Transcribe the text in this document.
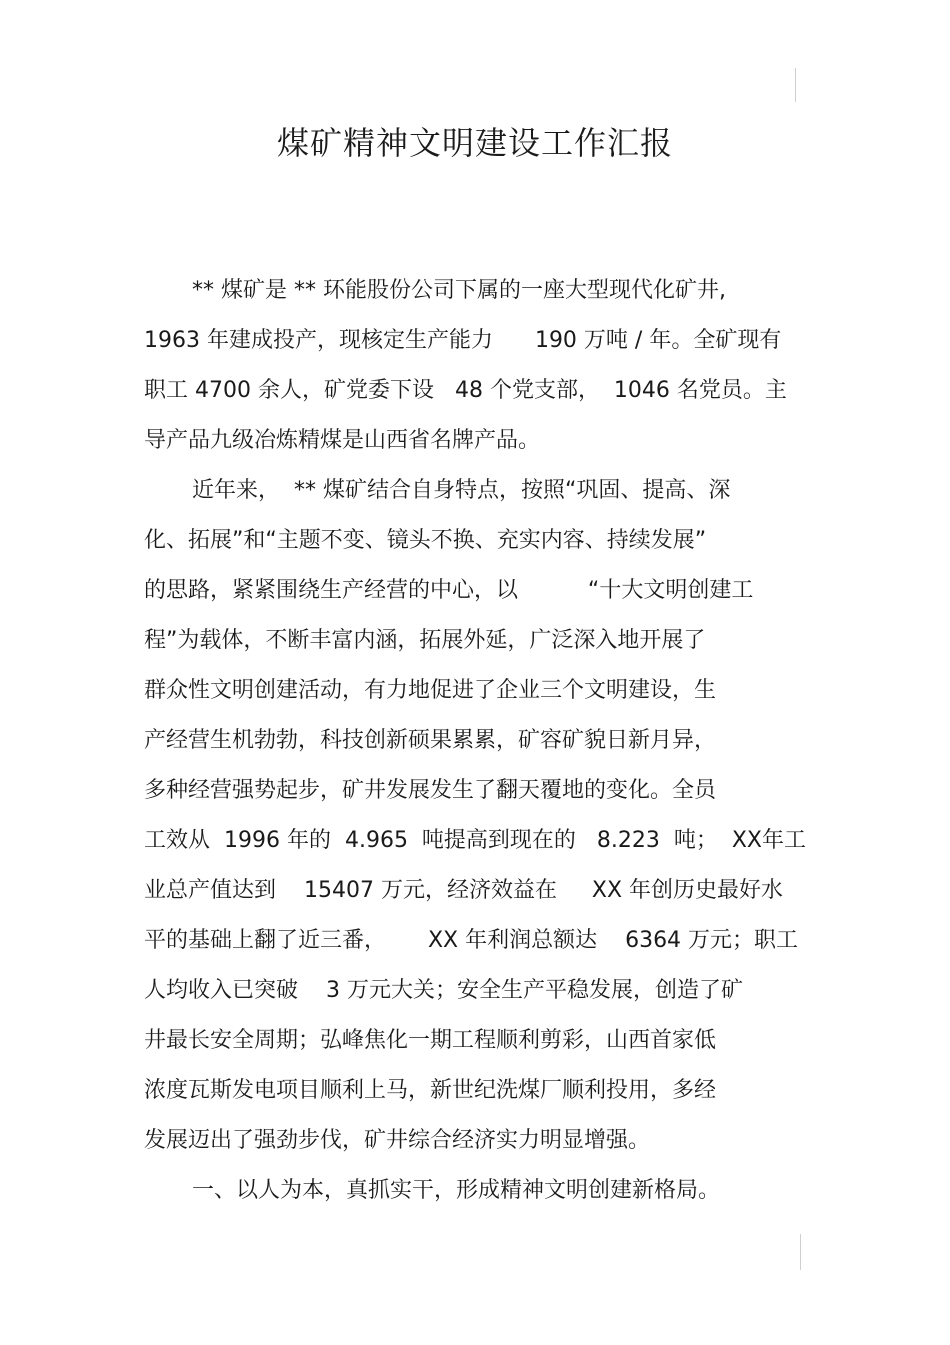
煤矿精神文明建设工作汇报
** 煤矿是 ** 环能股份公司下属的一座大型现代化矿井,
1963 年建成投产，现核定生产能力      190 万吨 / 年。全矿现有
职工 4700 余人，矿党委下设   48 个党支部，  1046 名党员。主
导产品九级冶炼精煤是山西省名牌产品。
近年来，  ** 煤矿结合自身特点，按照“巩固、提高、深
化、拓展”和“主题不变、镜头不换、充实内容、持续发展”
的思路，紧紧围绕生产经营的中心，以          “十大文明创建工
程”为载体，不断丰富内涵，拓展外延，广泛深入地开展了
群众性文明创建活动，有力地促进了企业三个文明建设，生
产经营生机勃勃，科技创新硕果累累，矿容矿貌日新月异，
多种经营强势起步，矿井发展发生了翻天覆地的变化。全员
工效从  1996 年的  4.965  吨提高到现在的   8.223  吨；  XX年工
业总产值达到    15407 万元，经济效益在     XX 年创历史最好水
平的基础上翻了近三番，      XX 年利润总额达    6364 万元；职工
人均收入已突破    3 万元大关；安全生产平稳发展，创造了矿
井最长安全周期；弘峰焦化一期工程顺利剪彩，山西首家低
浓度瓦斯发电项目顺利上马，新世纪洗煤厂顺利投用，多经
发展迈出了强劲步伐，矿井综合经济实力明显增强。
一、以人为本，真抓实干，形成精神文明创建新格局。
